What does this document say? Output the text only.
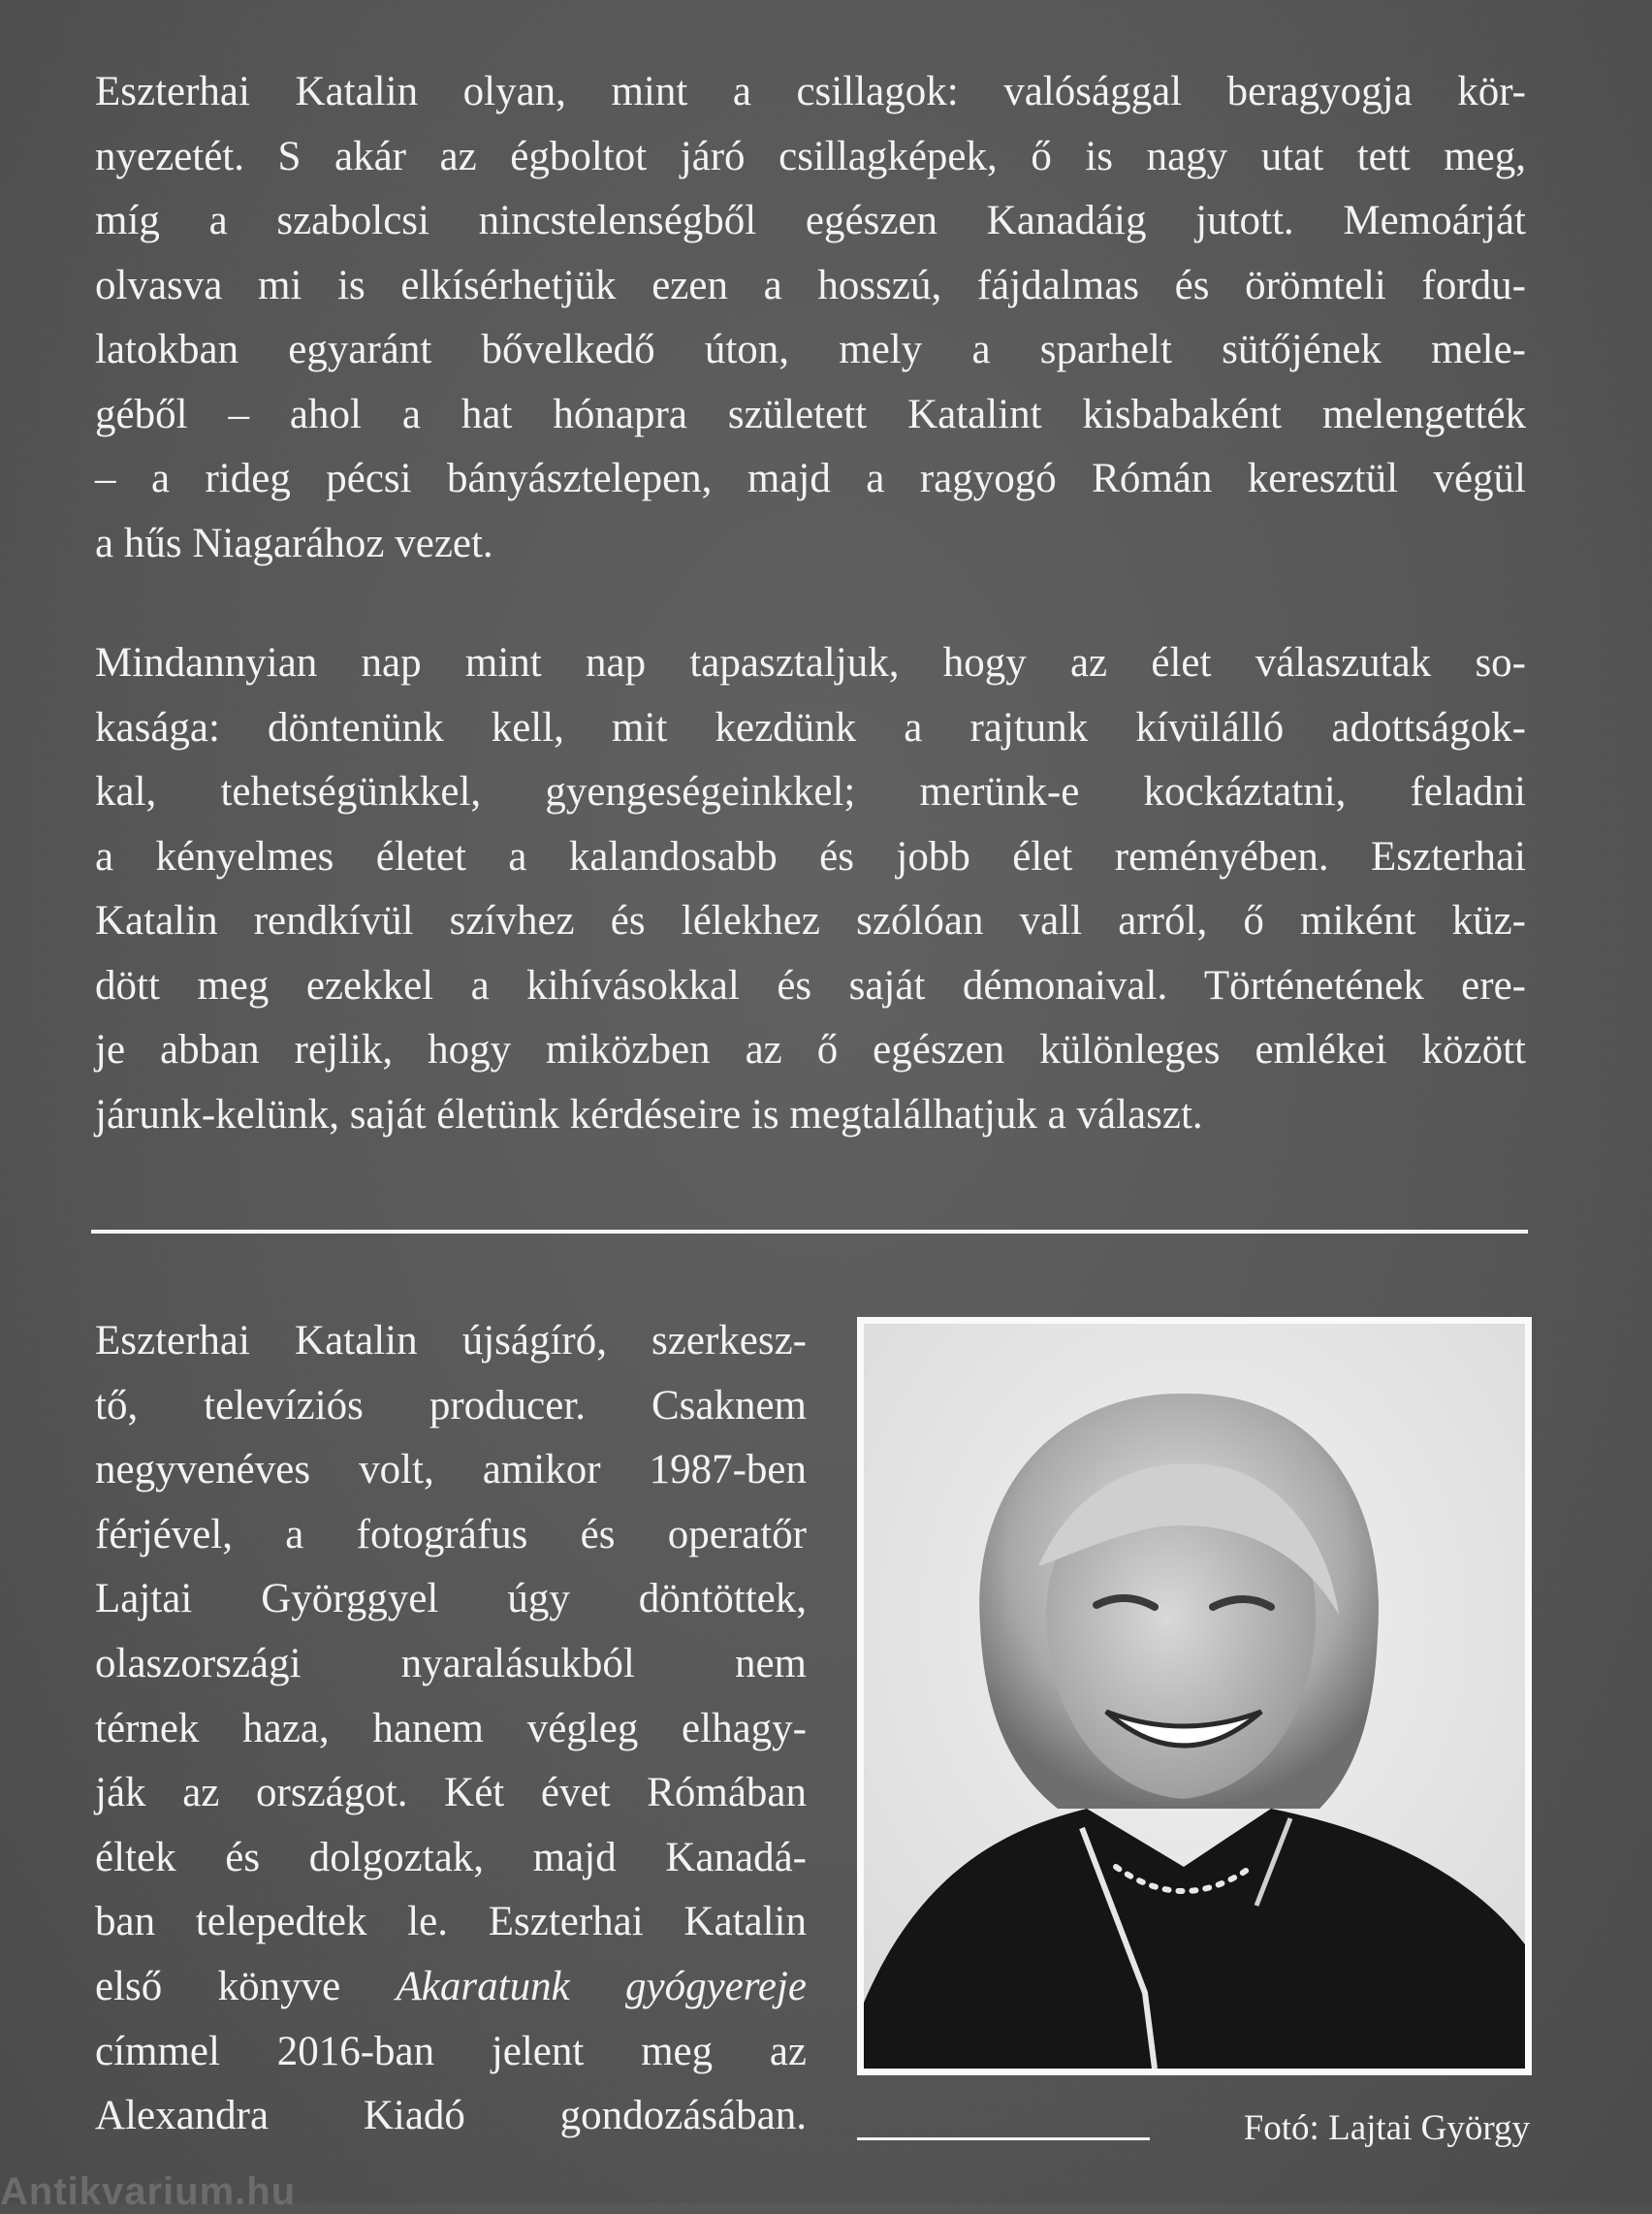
Eszterhai Katalin olyan, mint a csillagok: valósággal beragyogja kör-
nyezetét. S akár az égboltot járó csillagképek, ő is nagy utat tett meg,
míg a szabolcsi nincstelenségből egészen Kanadáig jutott. Memoárját
olvasva mi is elkísérhetjük ezen a hosszú, fájdalmas és örömteli fordu-
latokban egyaránt bővelkedő úton, mely a sparhelt sütőjének mele-
géből – ahol a hat hónapra született Katalint kisbabaként melengették
– a rideg pécsi bányásztelepen, majd a ragyogó Rómán keresztül végül
a hűs Niagarához vezet.
Mindannyian nap mint nap tapasztaljuk, hogy az élet válaszutak so-
kasága: döntenünk kell, mit kezdünk a rajtunk kívülálló adottságok-
kal, tehetségünkkel, gyengeségeinkkel; merünk-e kockáztatni, feladni
a kényelmes életet a kalandosabb és jobb élet reményében. Eszterhai
Katalin rendkívül szívhez és lélekhez szólóan vall arról, ő miként küz-
dött meg ezekkel a kihívásokkal és saját démonaival. Történetének ere-
je abban rejlik, hogy miközben az ő egészen különleges emlékei között
járunk-kelünk, saját életünk kérdéseire is megtalálhatjuk a választ.
Eszterhai Katalin újságíró, szerkesz-
tő, televíziós producer. Csaknem
negyvenéves volt, amikor 1987-ben
férjével, a fotográfus és operatőr
Lajtai Györggyel úgy döntöttek,
olaszországi nyaralásukból nem
térnek haza, hanem végleg elhagy-
ják az országot. Két évet Rómában
éltek és dolgoztak, majd Kanadá-
ban telepedtek le. Eszterhai Katalin
első könyve Akaratunk gyógyereje
címmel 2016-ban jelent meg az
Alexandra Kiadó gondozásában.	Fotó: Lajtai György
Antikvarium.hu
